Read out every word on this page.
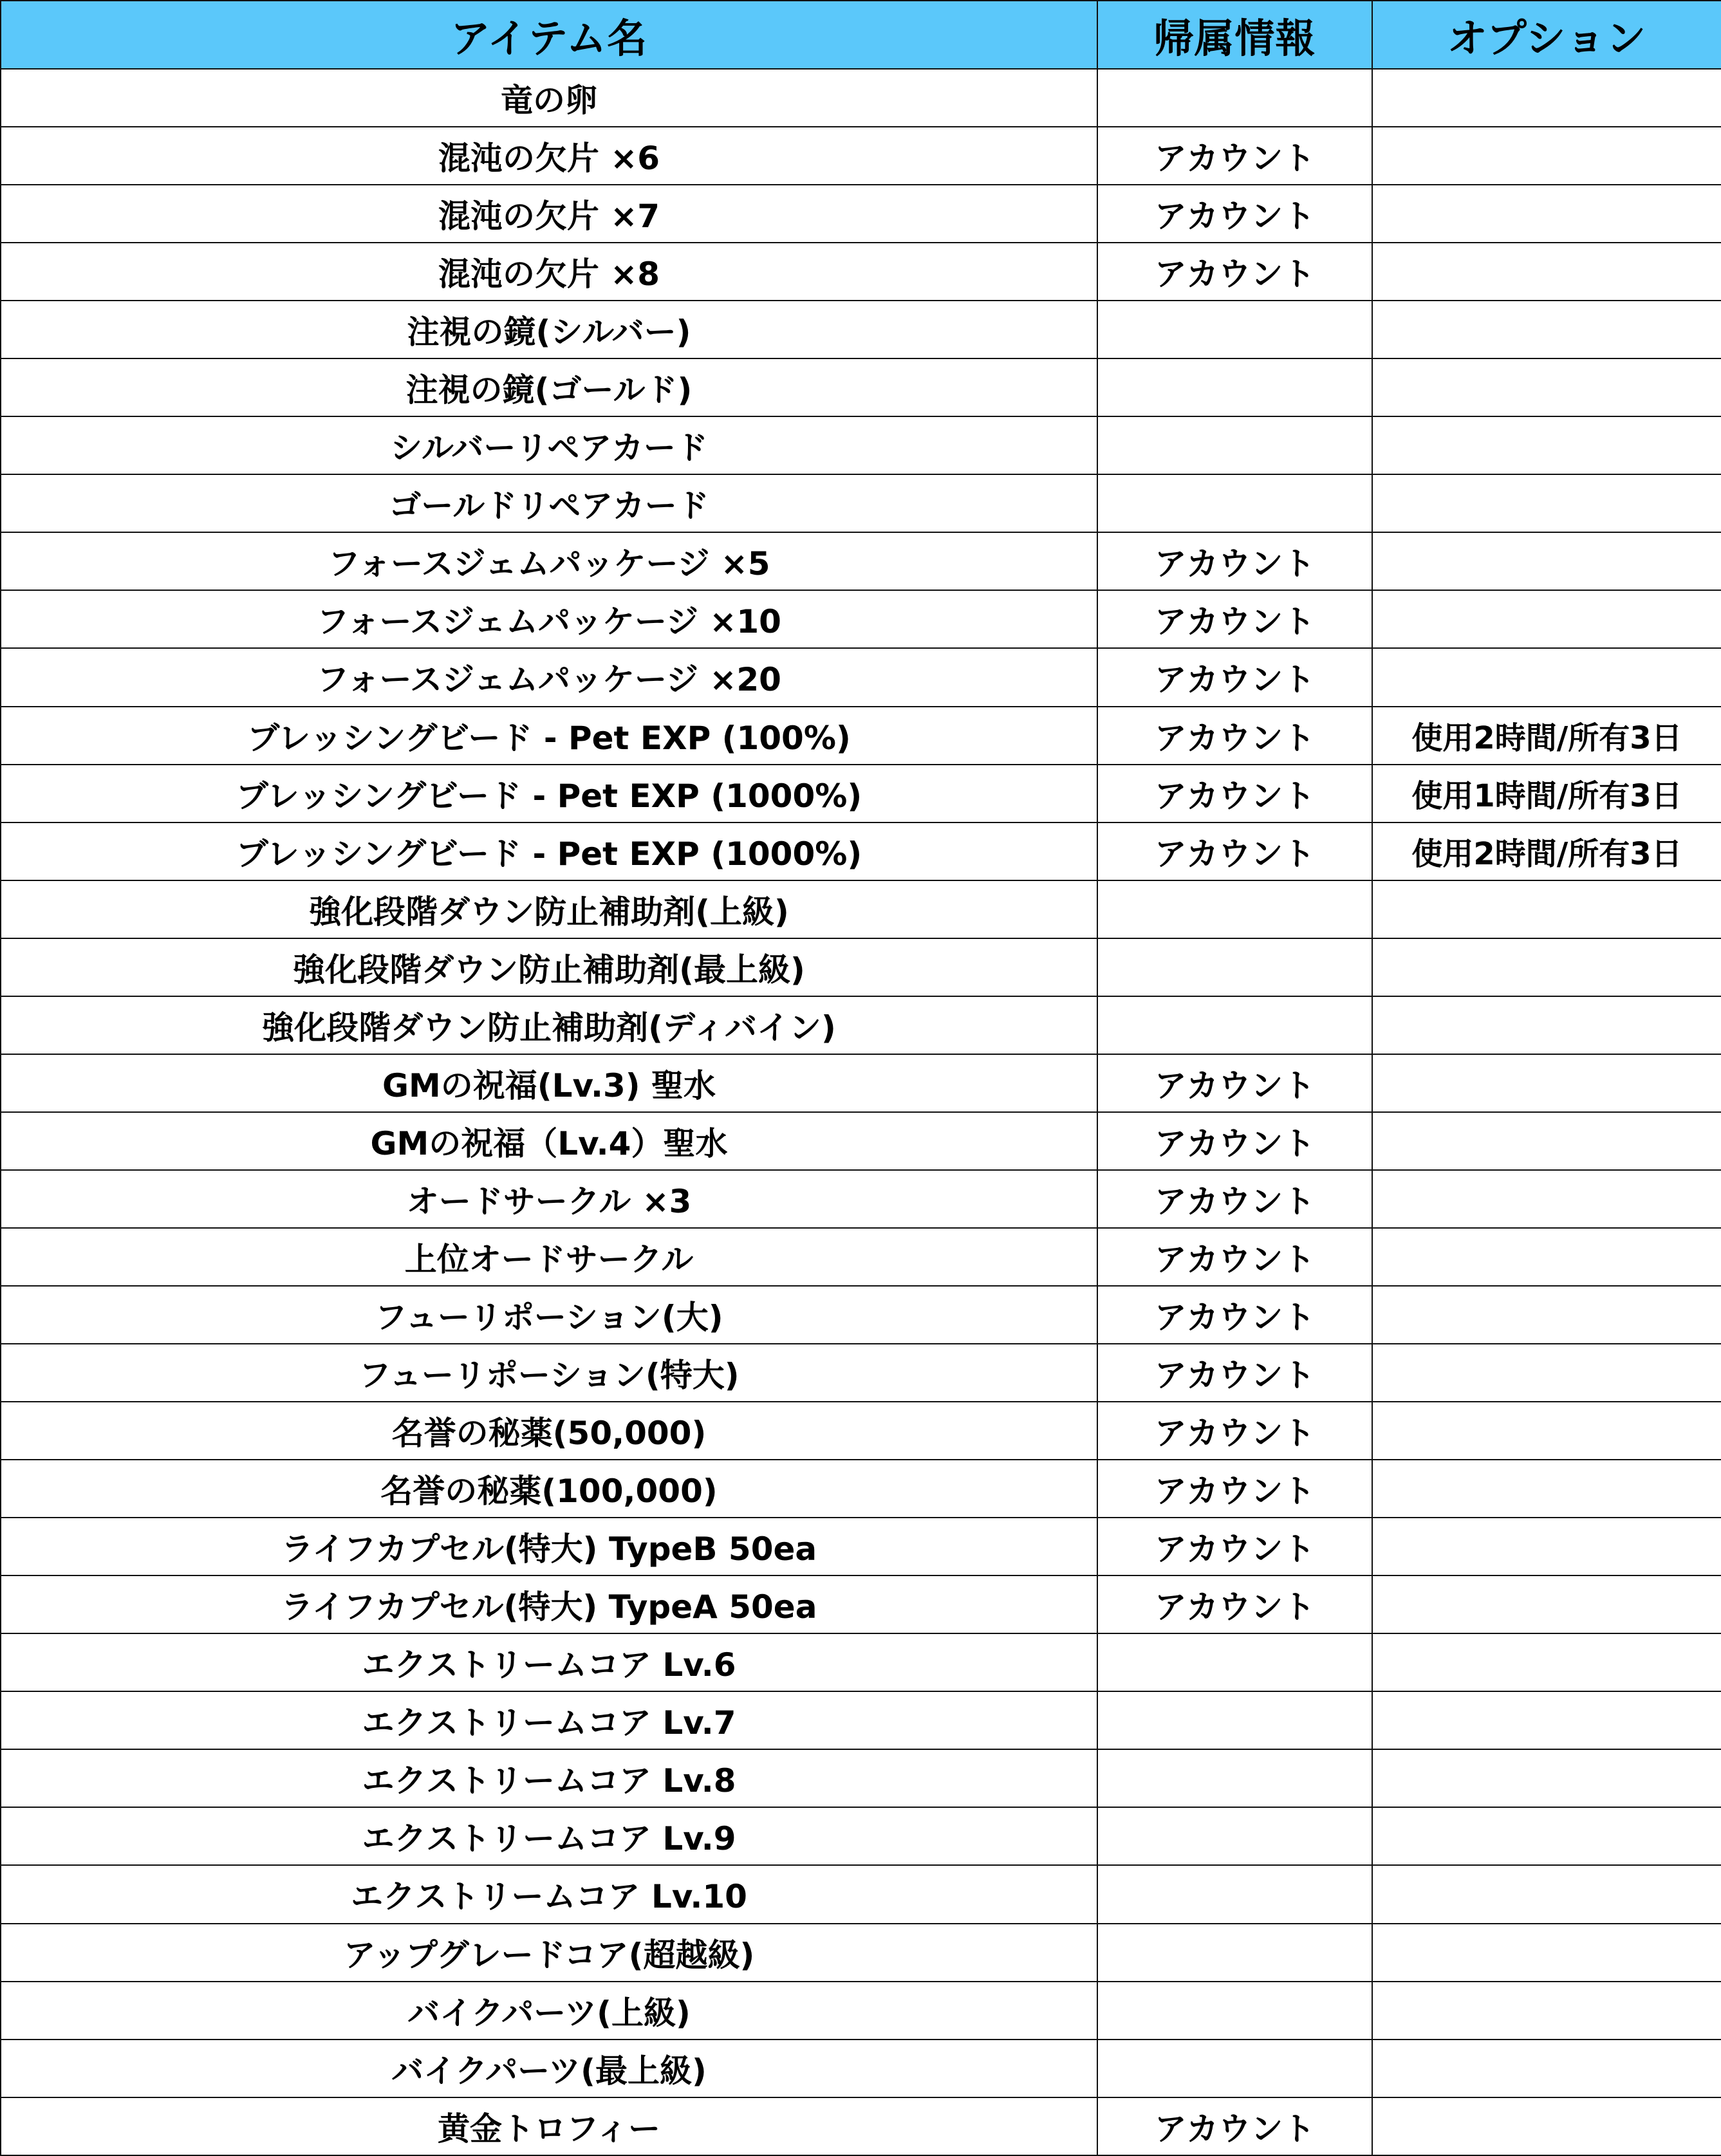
アイテム名	帰属情報	オプション
竜の卵		
混沌の欠片 ×6	アカウント	
混沌の欠片 ×7	アカウント	
混沌の欠片 ×8	アカウント	
注視の鏡(シルバー)		
注視の鏡(ゴールド)		
シルバーリペアカード		
ゴールドリペアカード		
フォースジェムパッケージ ×5	アカウント	
フォースジェムパッケージ ×10	アカウント	
フォースジェムパッケージ ×20	アカウント	
ブレッシングビード - Pet EXP (100%)	アカウント	使用2時間/所有3日
ブレッシングビード - Pet EXP (1000%)	アカウント	使用1時間/所有3日
ブレッシングビード - Pet EXP (1000%)	アカウント	使用2時間/所有3日
強化段階ダウン防止補助剤(上級)		
強化段階ダウン防止補助剤(最上級)		
強化段階ダウン防止補助剤(ディバイン)		
GMの祝福(Lv.3) 聖水	アカウント	
GMの祝福（Lv.4）聖水	アカウント	
オードサークル ×3	アカウント	
上位オードサークル	アカウント	
フューリポーション(大)	アカウント	
フューリポーション(特大)	アカウント	
名誉の秘薬(50,000)	アカウント	
名誉の秘薬(100,000)	アカウント	
ライフカプセル(特大) TypeB 50ea	アカウント	
ライフカプセル(特大) TypeA 50ea	アカウント	
エクストリームコア Lv.6		
エクストリームコア Lv.7		
エクストリームコア Lv.8		
エクストリームコア Lv.9		
エクストリームコア Lv.10		
アップグレードコア(超越級)		
バイクパーツ(上級)		
バイクパーツ(最上級)		
黄金トロフィー	アカウント	
